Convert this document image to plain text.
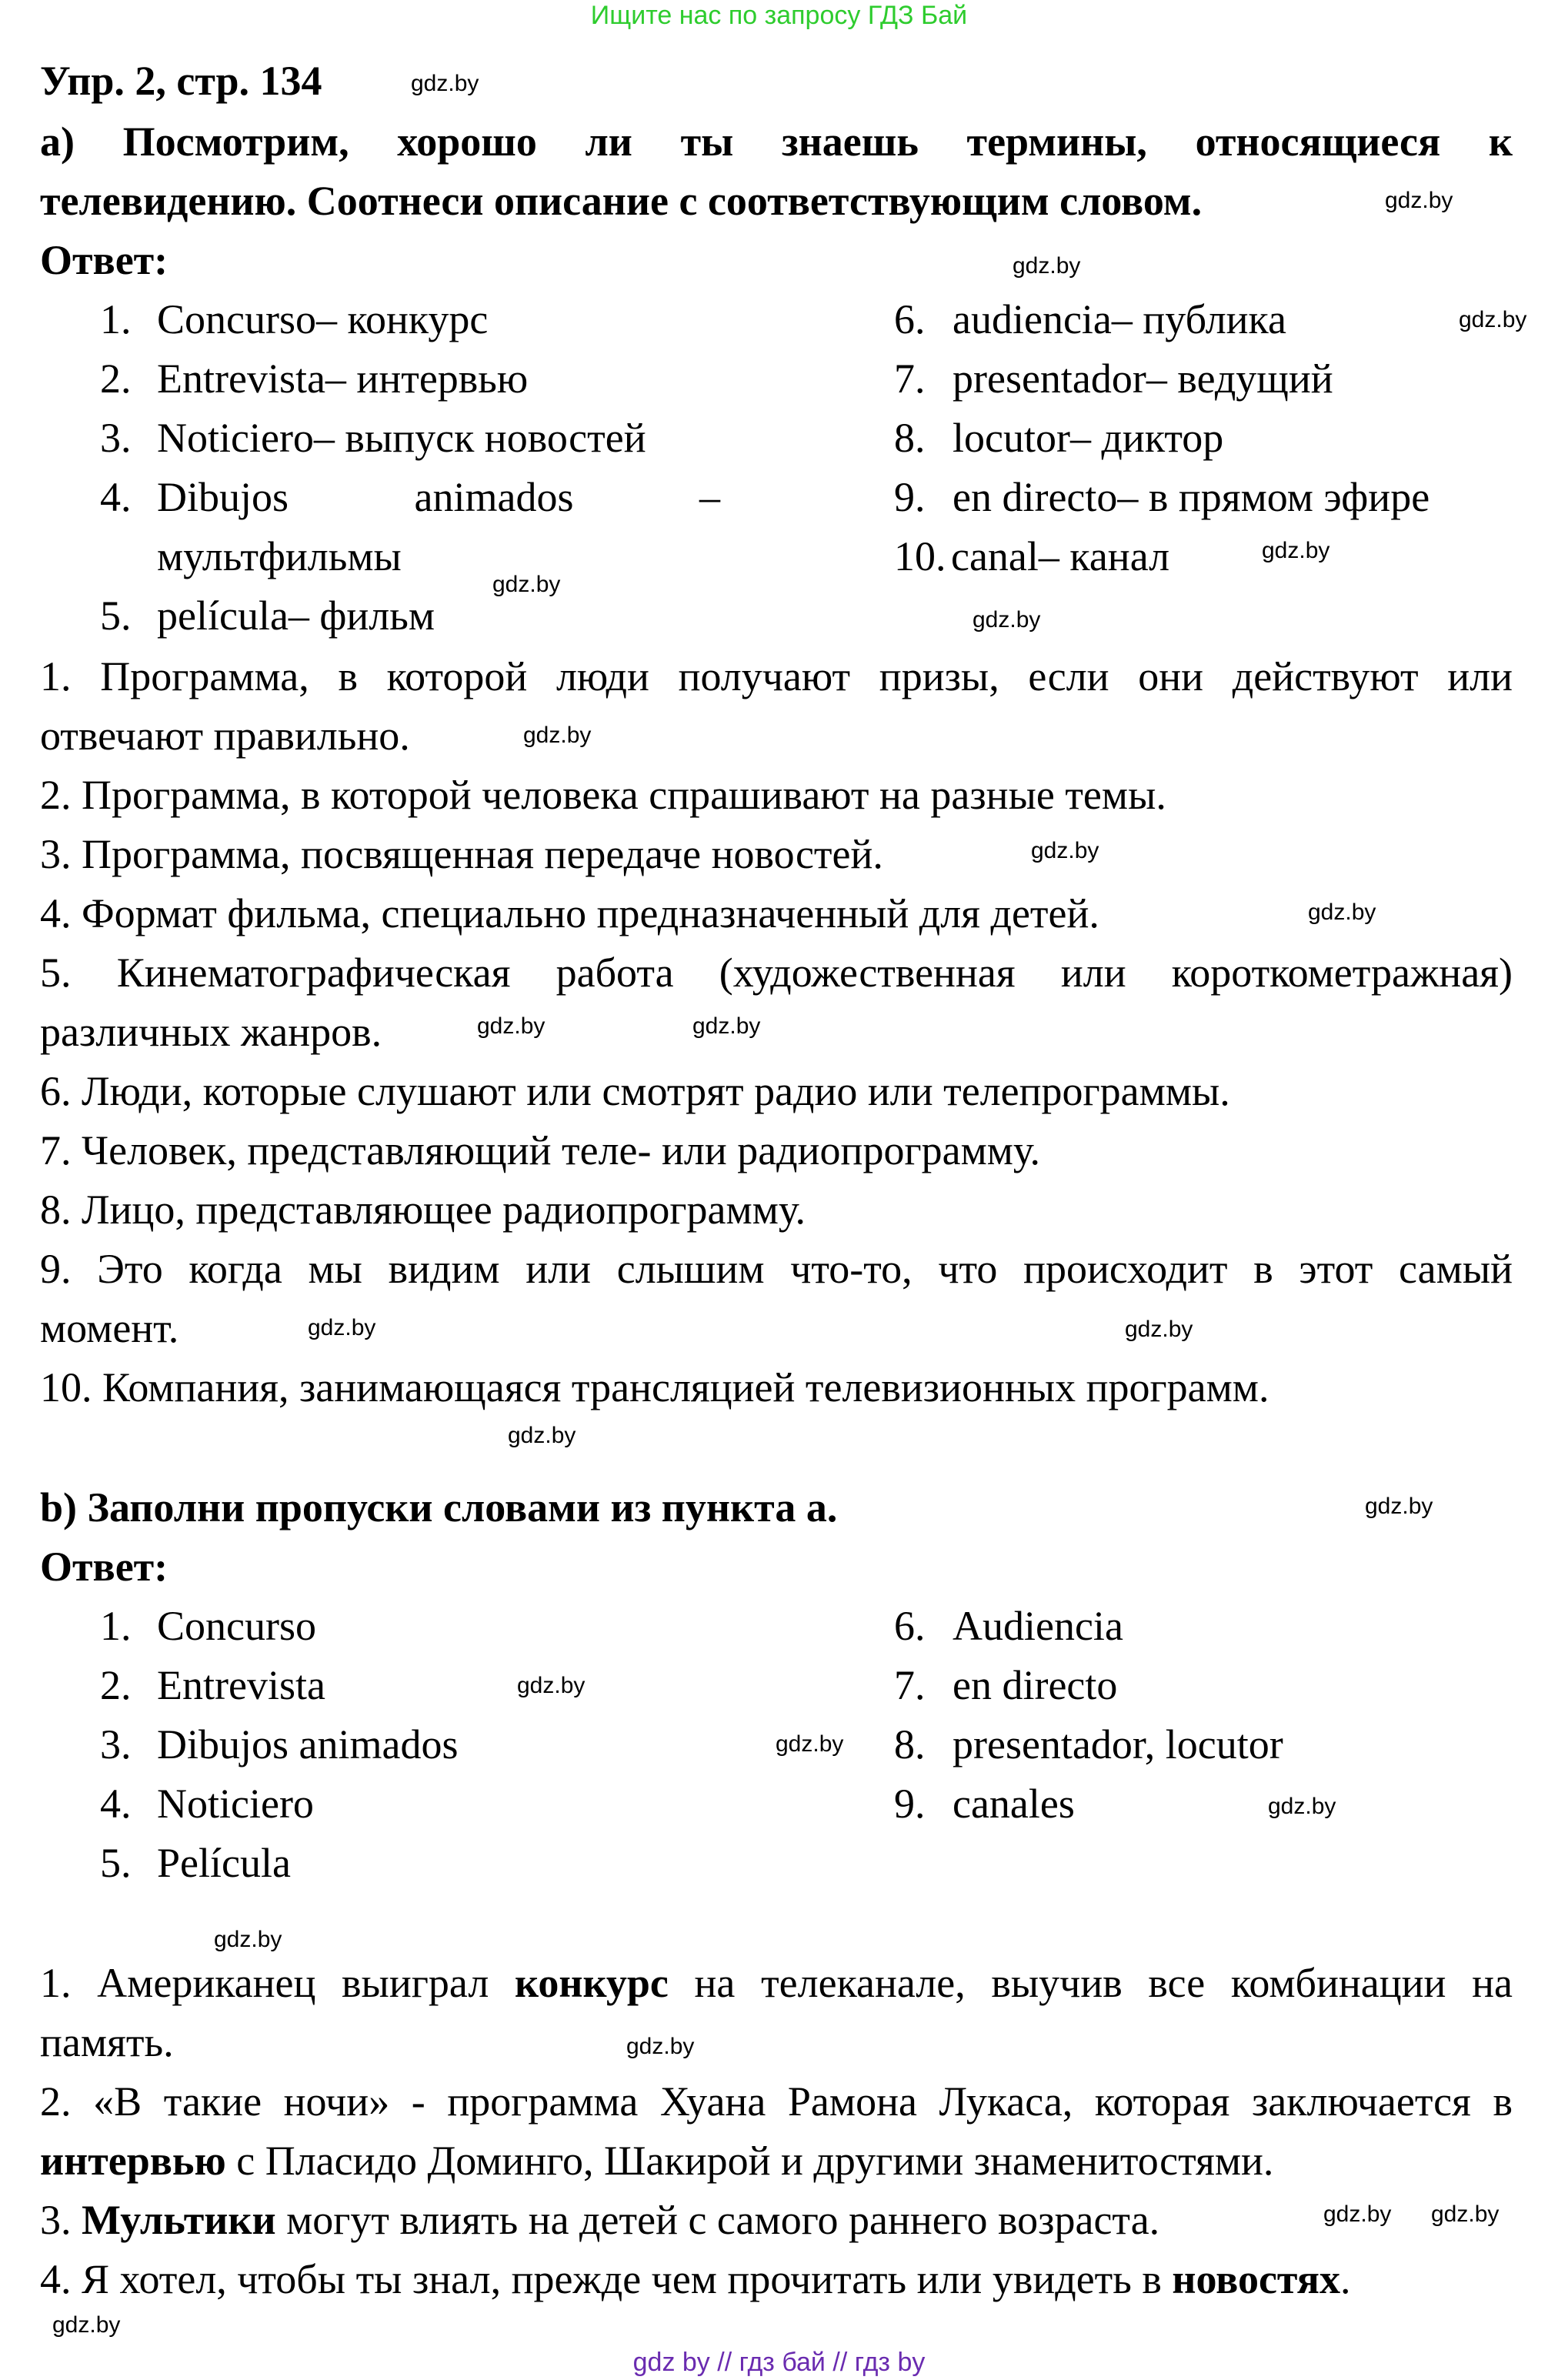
Ищите нас по запросу ГДЗ Бай
Упр. 2, стр. 134
а) Посмотрим, хорошо ли ты знаешь термины, относящиеся к
телевидению. Соотнеси описание с соответствующим словом.
Ответ:
1. Concurso– конкурс
2. Entrevista– интервью
3. Noticiero– выпуск новостей
4. Dibujos animados –
мультфильмы
5. película– фильм
6. audiencia– публика
7. presentador– ведущий
8. locutor– диктор
9. en directo– в прямом эфире
10. canal– канал
1. Программа, в которой люди получают призы, если они действуют или
отвечают правильно.
2. Программа, в которой человека спрашивают на разные темы.
3. Программа, посвященная передаче новостей.
4. Формат фильма, специально предназначенный для детей.
5. Кинематографическая работа (художественная или короткометражная)
различных жанров.
6. Люди, которые слушают или смотрят радио или телепрограммы.
7. Человек, представляющий теле- или радиопрограмму.
8. Лицо, представляющее радиопрограмму.
9. Это когда мы видим или слышим что-то, что происходит в этот самый
момент.
10. Компания, занимающаяся трансляцией телевизионных программ.
b) Заполни пропуски словами из пункта а.
Ответ:
1. Concurso
2. Entrevista
3. Dibujos animados
4. Noticiero
5. Película
6. Audiencia
7. en directo
8. presentador, locutor
9. canales
1. Американец выиграл конкурс на телеканале, выучив все комбинации на
память.
2. «В такие ночи» - программа Хуана Рамона Лукаса, которая заключается в
интервью с Пласидо Доминго, Шакирой и другими знаменитостями.
3. Мультики могут влиять на детей с самого раннего возраста.
4. Я хотел, чтобы ты знал, прежде чем прочитать или увидеть в новостях.
gdz.by
gdz.by
gdz.by
gdz.by
gdz.by
gdz.by
gdz.by
gdz.by
gdz.by
gdz.by
gdz.by
gdz.by
gdz.by	gdz.by
gdz.by
gdz.by
gdz.by
gdz.by
gdz.by
gdz.by
gdz.by
gdz.by gdz.by
gdz.by
gdz by // гдз бай // гдз by
